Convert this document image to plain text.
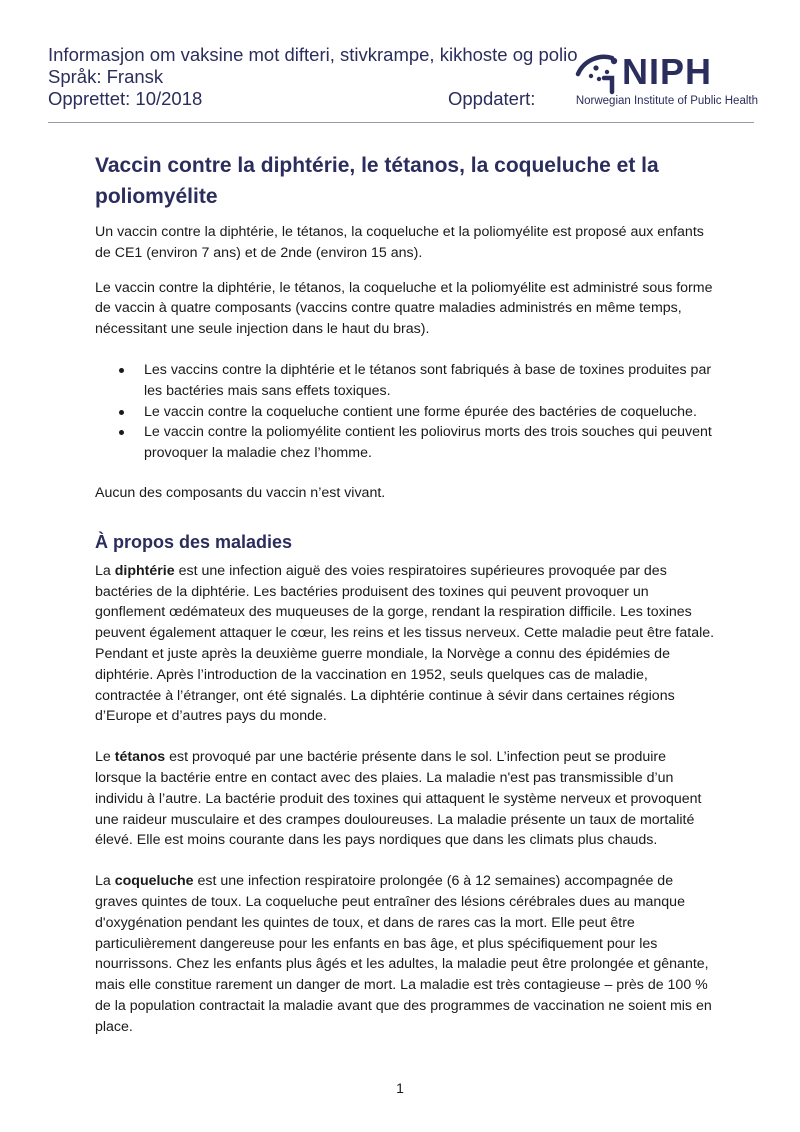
Informasjon om vaksine mot difteri, stivkrampe, kikhoste og polio
Språk: Fransk
Opprettet: 10/2018	Oppdatert:
NIPH
Norwegian Institute of Public Health
Vaccin contre la diphtérie, le tétanos, la coqueluche et la poliomyélite

Un vaccin contre la diphtérie, le tétanos, la coqueluche et la poliomyélite est proposé aux enfants de CE1 (environ 7 ans) et de 2nde (environ 15 ans).

Le vaccin contre la diphtérie, le tétanos, la coqueluche et la poliomyélite est administré sous forme de vaccin à quatre composants (vaccins contre quatre maladies administrés en même temps, nécessitant une seule injection dans le haut du bras).

Les vaccins contre la diphtérie et le tétanos sont fabriqués à base de toxines produites par les bactéries mais sans effets toxiques.
Le vaccin contre la coqueluche contient une forme épurée des bactéries de coqueluche.
Le vaccin contre la poliomyélite contient les poliovirus morts des trois souches qui peuvent provoquer la maladie chez l’homme.

Aucun des composants du vaccin n’est vivant.

À propos des maladies

La diphtérie est une infection aiguë des voies respiratoires supérieures provoquée par des bactéries de la diphtérie. Les bactéries produisent des toxines qui peuvent provoquer un gonflement œdémateux des muqueuses de la gorge, rendant la respiration difficile. Les toxines peuvent également attaquer le cœur, les reins et les tissus nerveux. Cette maladie peut être fatale. Pendant et juste après la deuxième guerre mondiale, la Norvège a connu des épidémies de diphtérie. Après l’introduction de la vaccination en 1952, seuls quelques cas de maladie, contractée à l’étranger, ont été signalés. La diphtérie continue à sévir dans certaines régions d’Europe et d’autres pays du monde.

Le tétanos est provoqué par une bactérie présente dans le sol. L’infection peut se produire lorsque la bactérie entre en contact avec des plaies. La maladie n'est pas transmissible d’un individu à l’autre. La bactérie produit des toxines qui attaquent le système nerveux et provoquent une raideur musculaire et des crampes douloureuses. La maladie présente un taux de mortalité élevé. Elle est moins courante dans les pays nordiques que dans les climats plus chauds.

La coqueluche est une infection respiratoire prolongée (6 à 12 semaines) accompagnée de graves quintes de toux. La coqueluche peut entraîner des lésions cérébrales dues au manque d'oxygénation pendant les quintes de toux, et dans de rares cas la mort. Elle peut être particulièrement dangereuse pour les enfants en bas âge, et plus spécifiquement pour les nourrissons. Chez les enfants plus âgés et les adultes, la maladie peut être prolongée et gênante, mais elle constitue rarement un danger de mort. La maladie est très contagieuse – près de 100 % de la population contractait la maladie avant que des programmes de vaccination ne soient mis en place.

1
